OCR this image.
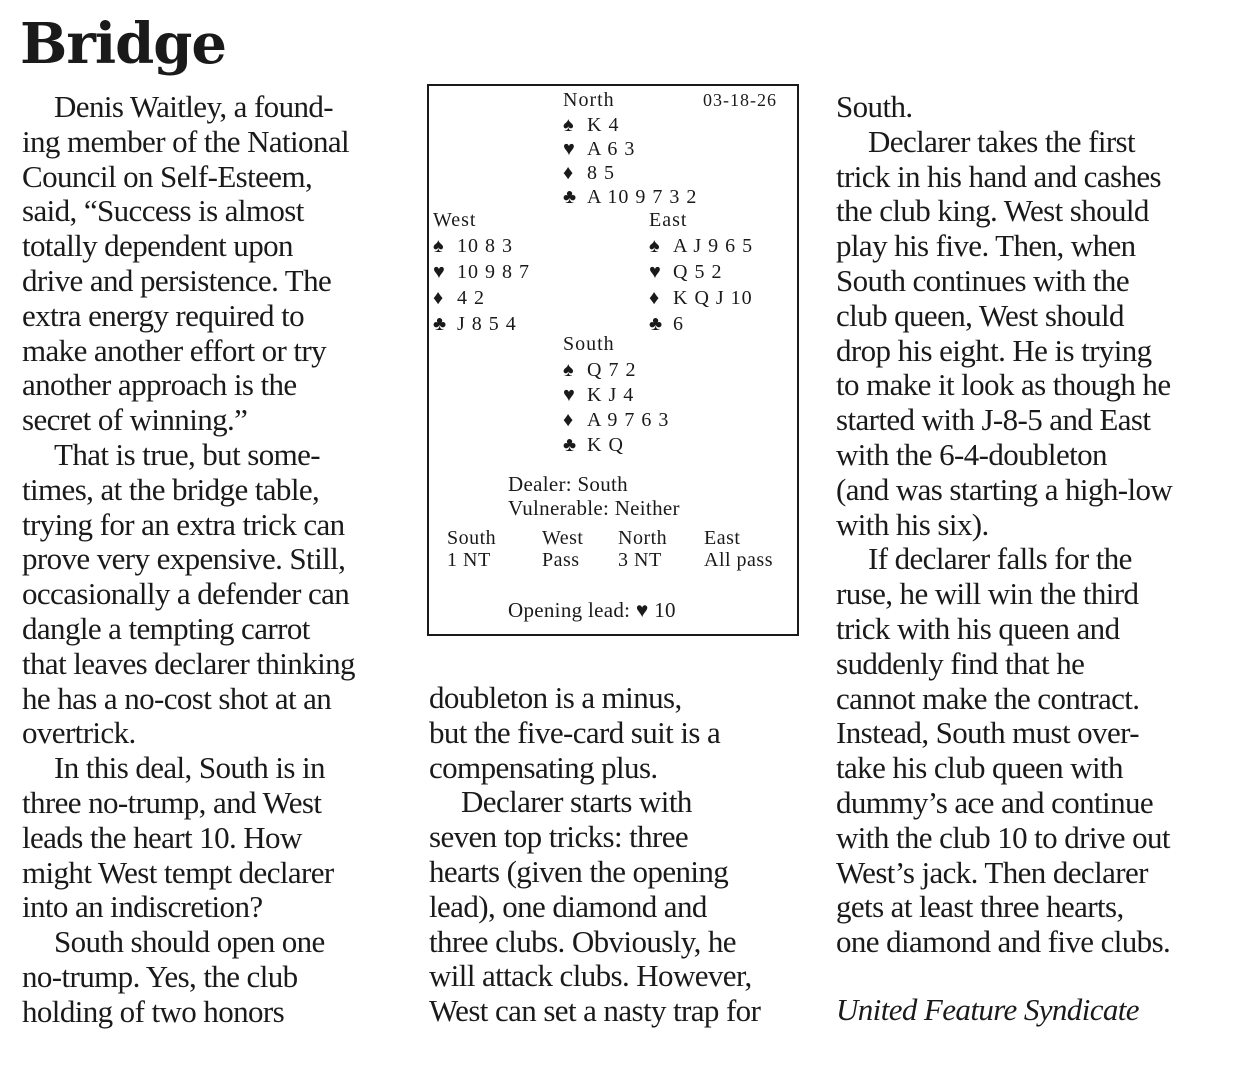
Bridge
Denis Waitley, a found-
ing member of the National
Council on Self-Esteem,
said, “Success is almost
totally dependent upon
drive and persistence. The
extra energy required to
make another effort or try
another approach is the
secret of winning.”
That is true, but some-
times, at the bridge table,
trying for an extra trick can
prove very expensive. Still,
occasionally a defender can
dangle a tempting carrot
that leaves declarer thinking
he has a no-cost shot at an
overtrick.
In this deal, South is in
three no-trump, and West
leads the heart 10. How
might West tempt declarer
into an indiscretion?
South should open one
no-trump. Yes, the club
holding of two honors
doubleton is a minus,
but the five-card suit is a
compensating plus.
Declarer starts with
seven top tricks: three
hearts (given the opening
lead), one diamond and
three clubs. Obviously, he
will attack clubs. However,
West can set a nasty trap for
South.
Declarer takes the first
trick in his hand and cashes
the club king. West should
play his five. Then, when
South continues with the
club queen, West should
drop his eight. He is trying
to make it look as though he
started with J-8-5 and East
with the 6-4-doubleton
(and was starting a high-low
with his six).
If declarer falls for the
ruse, he will win the third
trick with his queen and
suddenly find that he
cannot make the contract.
Instead, South must over-
take his club queen with
dummy’s ace and continue
with the club 10 to drive out
West’s jack. Then declarer
gets at least three hearts,
one diamond and five clubs.
United Feature Syndicate
North	03-18-26
♠ K 4
♥ A 6 3
♦ 8 5
♣ A 10 9 7 3 2
West
♠ 10 8 3
♥ 10 9 8 7
♦ 4 2
♣ J 8 5 4
East
♠ A J 9 6 5
♥ Q 5 2
♦ K Q J 10
♣ 6
South
♠ Q 7 2
♥ K J 4
♦ A 9 7 6 3
♣ K Q
Dealer: South
Vulnerable: Neither
South West North East
1 NT	Pass 3 NT All pass
Opening lead: ♥ 10
